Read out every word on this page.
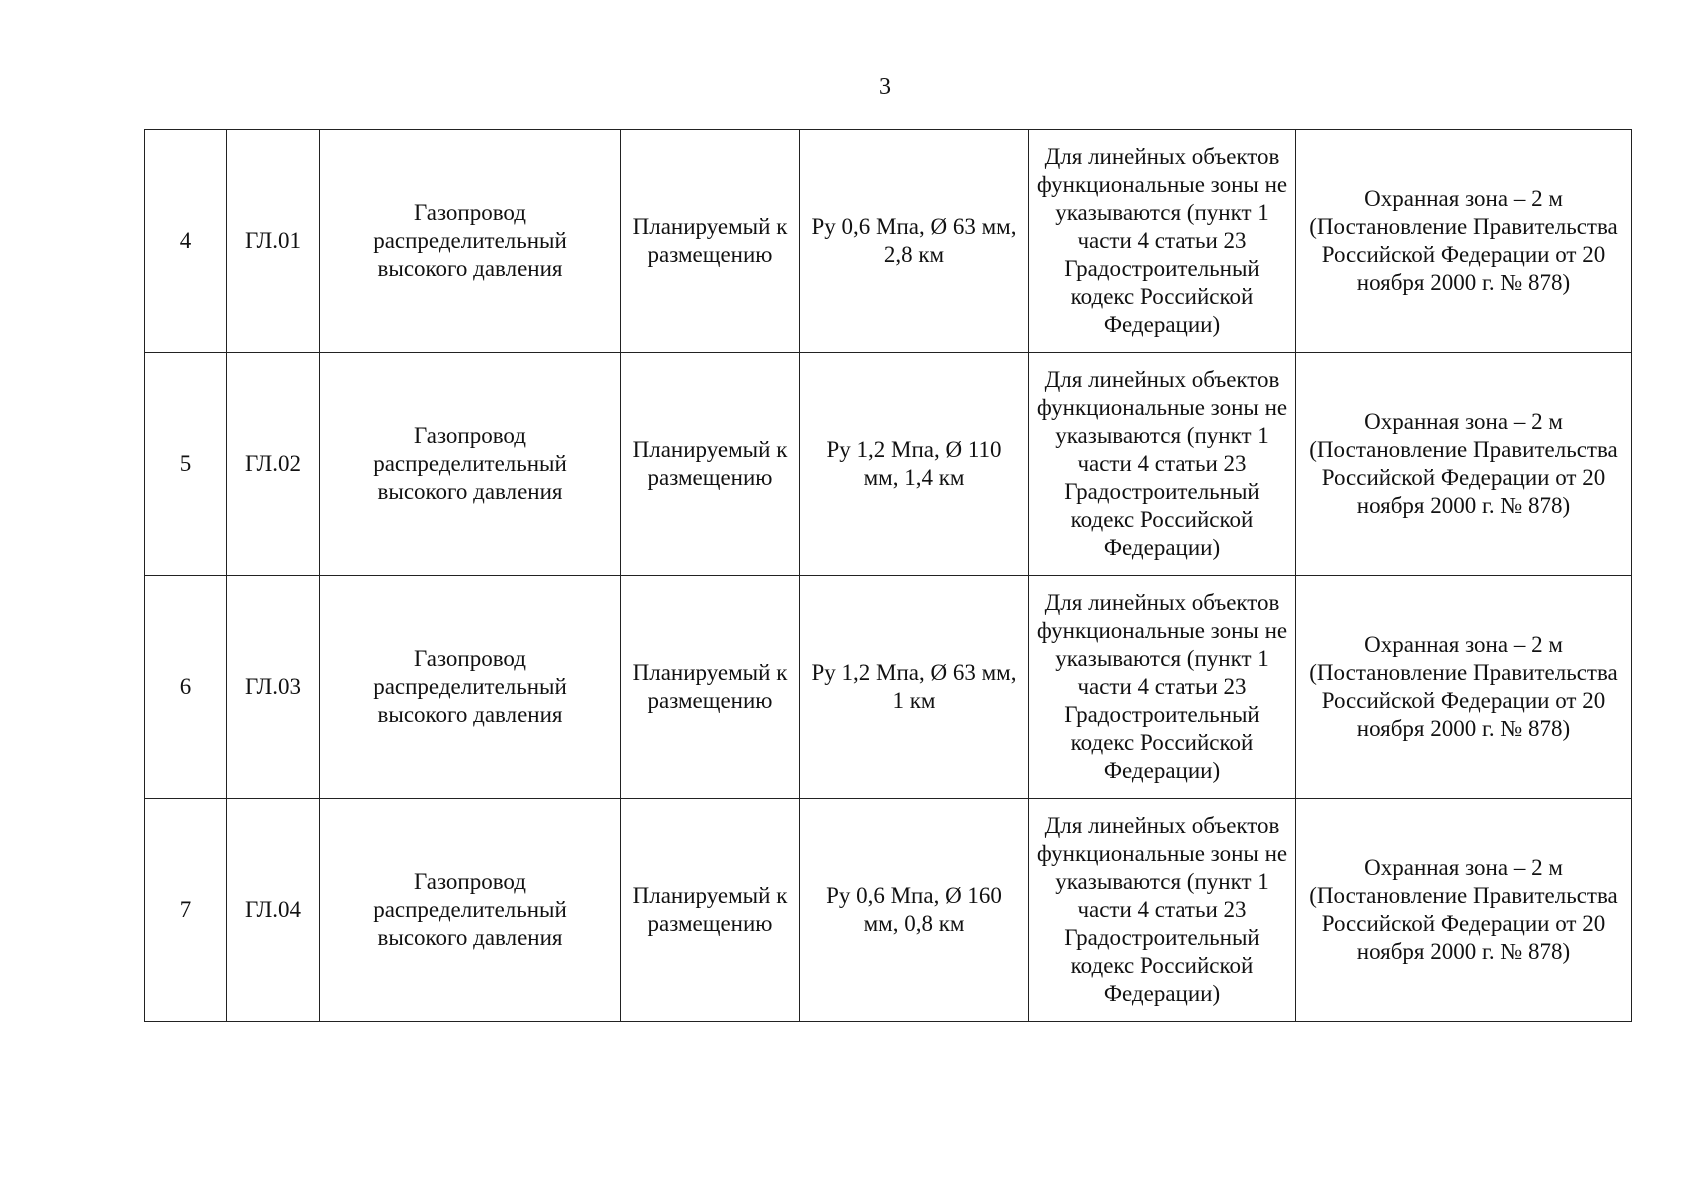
3
4	ГЛ.01	Газопровод распределительный высокого давления	Планируемый к размещению	Ру 0,6 Мпа, Ø 63 мм, 2,8 км	Для линейных объектов функциональные зоны не указываются (пункт 1 части 4 статьи 23 Градостроительный кодекс Российской Федерации)	Охранная зона – 2 м (Постановление Правительства Российской Федерации от 20 ноября 2000 г. № 878)

5	ГЛ.02	Газопровод распределительный высокого давления	Планируемый к размещению	Ру 1,2 Мпа, Ø 110 мм, 1,4 км	Для линейных объектов функциональные зоны не указываются (пункт 1 части 4 статьи 23 Градостроительный кодекс Российской Федерации)	Охранная зона – 2 м (Постановление Правительства Российской Федерации от 20 ноября 2000 г. № 878)

6	ГЛ.03	Газопровод распределительный высокого давления	Планируемый к размещению	Ру 1,2 Мпа, Ø 63 мм, 1 км	Для линейных объектов функциональные зоны не указываются (пункт 1 части 4 статьи 23 Градостроительный кодекс Российской Федерации)	Охранная зона – 2 м (Постановление Правительства Российской Федерации от 20 ноября 2000 г. № 878)

7	ГЛ.04	Газопровод распределительный высокого давления	Планируемый к размещению	Ру 0,6 Мпа, Ø 160 мм, 0,8 км	Для линейных объектов функциональные зоны не указываются (пункт 1 части 4 статьи 23 Градостроительный кодекс Российской Федерации)	Охранная зона – 2 м (Постановление Правительства Российской Федерации от 20 ноября 2000 г. № 878)
